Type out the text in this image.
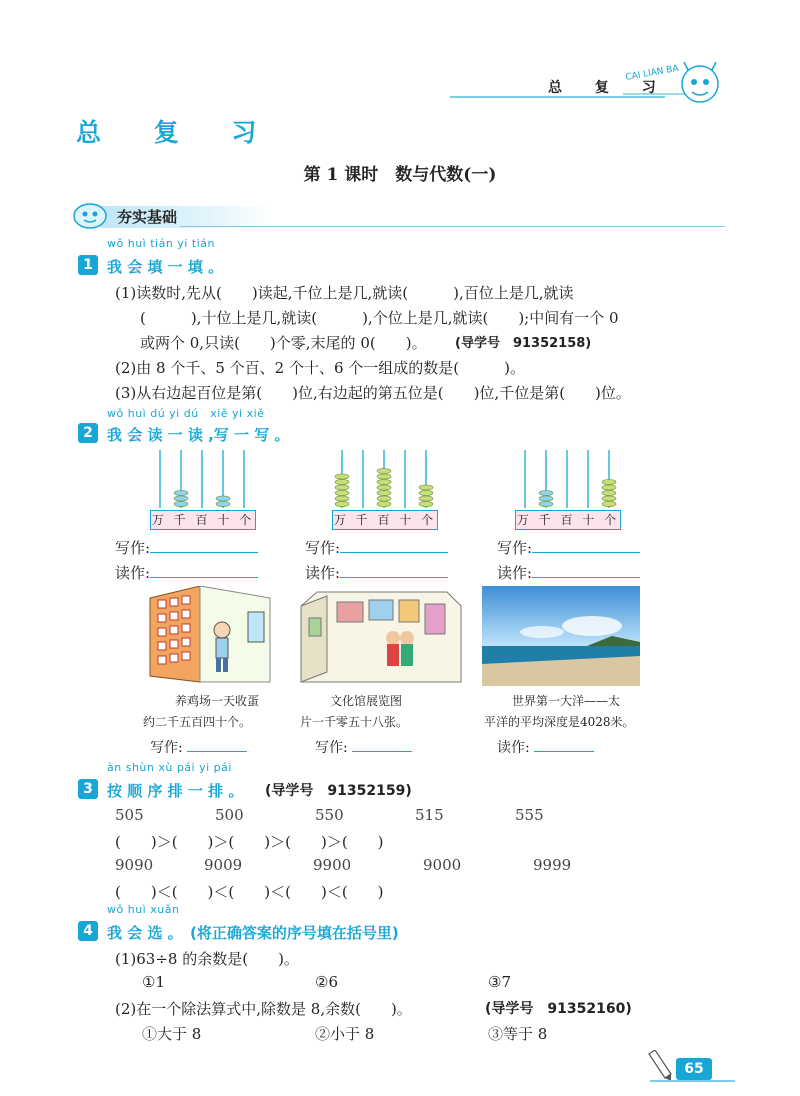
总 复 习
CAI LIAN BA
总 复 习
第 1 课时　数与代数(一)
夯实基础
wǒ huì tián yi tián
1 我 会 填 一 填 。
(1)读数时,先从(　　)读起,千位上是几,就读(　　　),百位上是几,就读
(　　　),十位上是几,就读(　　　),个位上是几,就读(　　);中间有一个 0
或两个 0,只读(　　)个零,末尾的 0(　　)。 (导学号　91352158)
(2)由 8 个千、5 个百、2 个十、6 个一组成的数是(　　　)。
(3)从右边起百位是第(　　)位,右边起的第五位是(　　)位,千位是第(　　)位。
wǒ huì dú yi dú　xiě yi xiě
2 我 会 读 一 读 ,写 一 写 。
万 千 百 十 个	万 千 百 十 个	万 千 百 十 个
写作:
读作:
写作:
读作:
写作:
读作:
养鸡场一天收蛋
约二千五百四十个。
写作:
文化馆展览图
片一千零五十八张。
写作:
世界第一大洋——太
平洋的平均深度是4028米。
读作:
àn shùn xù pái yi pái
3 按 顺 序 排 一 排 。 (导学号　91352159)
505	500	550	515	555
(　　)＞(　　)＞(　　)＞(　　)＞(　　)
9090	9009	9900	9000	9999
(　　)＜(　　)＜(　　)＜(　　)＜(　　)
wǒ huì xuǎn
4 我 会 选 。 (将正确答案的序号填在括号里)
(1)63÷8 的余数是(　　)。
①1	②6	③7
(2)在一个除法算式中,除数是 8,余数(　　)。	(导学号　91352160)
①大于 8	②小于 8	③等于 8
65
